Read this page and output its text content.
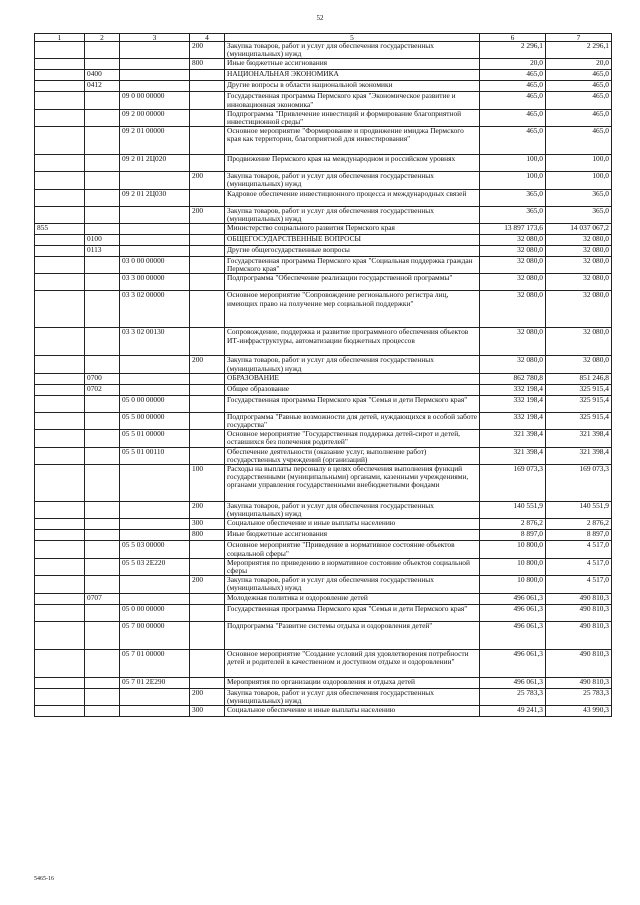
52
1	2	3	4	5	6	7
			200	Закупка товаров, работ и услуг для обеспечения государственных (муниципальных) нужд	2 296,1	2 296,1
			800	Иные бюджетные ассигнования	20,0	20,0
	0400			НАЦИОНАЛЬНАЯ ЭКОНОМИКА	465,0	465,0
	0412			Другие вопросы в области национальной экономики	465,0	465,0
		09 0 00 00000		Государственная программа Пермского края "Экономическое развитие и инновационная экономика"	465,0	465,0
		09 2 00 00000		Подпрограмма "Привлечение инвестиций и формирование благоприятной инвестиционной среды"	465,0	465,0
		09 2 01 00000		Основное мероприятие "Формирование и продвижение имиджа Пермского края как территории, благоприятной для инвестирования"	465,0	465,0
		09 2 01 2Ц020		Продвижение Пермского края на международном и российском уровнях	100,0	100,0
			200	Закупка товаров, работ и услуг для обеспечения государственных (муниципальных) нужд	100,0	100,0
		09 2 01 2Ц030		Кадровое обеспечение инвестиционного процесса и международных связей	365,0	365,0
			200	Закупка товаров, работ и услуг для обеспечения государственных (муниципальных) нужд	365,0	365,0
855				Министерство социального развития Пермского края	13 897 173,6	14 037 067,2
	0100			ОБЩЕГОСУДАРСТВЕННЫЕ ВОПРОСЫ	32 080,0	32 080,0
	0113			Другие общегосударственные вопросы	32 080,0	32 080,0
		03 0 00 00000		Государственная программа Пермского края "Социальная поддержка граждан Пермского края"	32 080,0	32 080,0
		03 3 00 00000		Подпрограмма "Обеспечение реализации государственной программы"	32 080,0	32 080,0
		03 3 02 00000		Основное мероприятие "Сопровождение регионального регистра лиц, имеющих право на получение мер социальной поддержки"	32 080,0	32 080,0
		03 3 02 00130		Сопровождение, поддержка и развитие программного обеспечения объектов ИТ-инфраструктуры, автоматизации бюджетных процессов	32 080,0	32 080,0
			200	Закупка товаров, работ и услуг для обеспечения государственных (муниципальных) нужд	32 080,0	32 080,0
	0700			ОБРАЗОВАНИЕ	862 780,8	851 246,8
	0702			Общее образование	332 198,4	325 915,4
		05 0 00 00000		Государственная программа Пермского края "Семья и дети Пермского края"	332 198,4	325 915,4
		05 5 00 00000		Подпрограмма "Равные возможности для детей, нуждающихся в особой заботе государства"	332 198,4	325 915,4
		05 5 01 00000		Основное мероприятие "Государственная поддержка детей-сирот и детей, оставшихся без попечения родителей"	321 398,4	321 398,4
		05 5 01 00110		Обеспечение деятельности (оказание услуг, выполнение работ) государственных учреждений (организаций)	321 398,4	321 398,4
			100	Расходы на выплаты персоналу в целях обеспечения выполнения функций государственными (муниципальными) органами, казенными учреждениями, органами управления государственными внебюджетными фондами	169 073,3	169 073,3
			200	Закупка товаров, работ и услуг для обеспечения государственных (муниципальных) нужд	140 551,9	140 551,9
			300	Социальное обеспечение и иные выплаты населению	2 876,2	2 876,2
			800	Иные бюджетные ассигнования	8 897,0	8 897,0
		05 5 03 00000		Основное мероприятие "Приведение в нормативное состояние объектов социальной сферы"	10 800,0	4 517,0
		05 5 03 2E220		Мероприятия по приведению в нормативное состояние объектов социальной сферы	10 800,0	4 517,0
			200	Закупка товаров, работ и услуг для обеспечения государственных (муниципальных) нужд	10 800,0	4 517,0
	0707			Молодежная политика и оздоровление детей	496 061,3	490 810,3
		05 0 00 00000		Государственная программа Пермского края "Семья и дети Пермского края"	496 061,3	490 810,3
		05 7 00 00000		Подпрограмма "Развитие системы отдыха и оздоровления детей"	496 061,3	490 810,3
		05 7 01 00000		Основное мероприятие "Создание условий для удовлетворения потребности детей и родителей в качественном и доступном отдыхе и оздоровлении"	496 061,3	490 810,3
		05 7 01 2E290		Мероприятия по организации оздоровления и отдыха детей	496 061,3	490 810,3
			200	Закупка товаров, работ и услуг для обеспечения государственных (муниципальных) нужд	25 783,3	25 783,3
			300	Социальное обеспечение и иные выплаты населению	49 241,3	43 990,3
5465-16
